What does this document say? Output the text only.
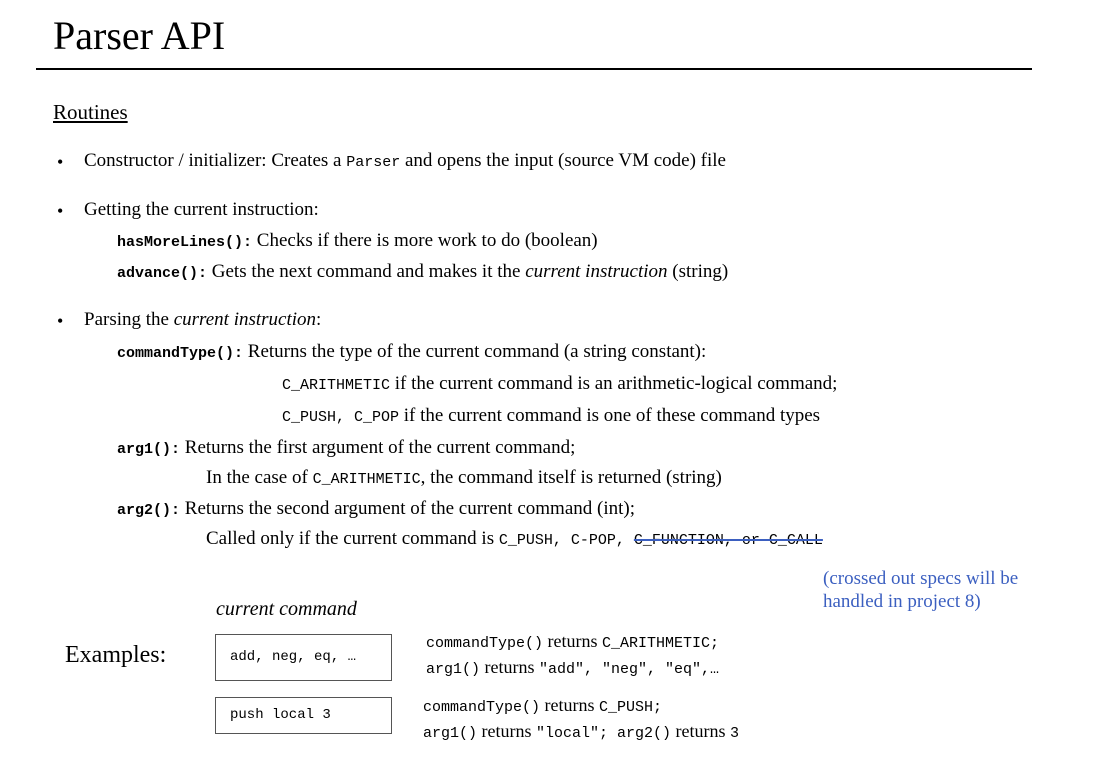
Parser API
Routines
• Constructor / initializer: Creates a Parser and opens the input (source VM code) file
• Getting the current instruction:
hasMoreLines(): Checks if there is more work to do (boolean)
advance(): Gets the next command and makes it the current instruction (string)
• Parsing the current instruction:
commandType(): Returns the type of the current command (a string constant):
C_ARITHMETIC if the current command is an arithmetic-logical command;
C_PUSH, C_POP if the current command is one of these command types
arg1(): Returns the first argument of the current command;
In the case of C_ARITHMETIC, the command itself is returned (string)
arg2(): Returns the second argument of the current command (int);
Called only if the current command is C_PUSH, C-POP, C_FUNCTION, or C_CALL
(crossed out specs will be
handled in project 8)
current command
Examples:	add, neg, eq, …
push local 3
commandType() returns C_ARITHMETIC;
arg1() returns "add", "neg", "eq",…
commandType() returns C_PUSH;
arg1() returns "local"; arg2() returns 3
